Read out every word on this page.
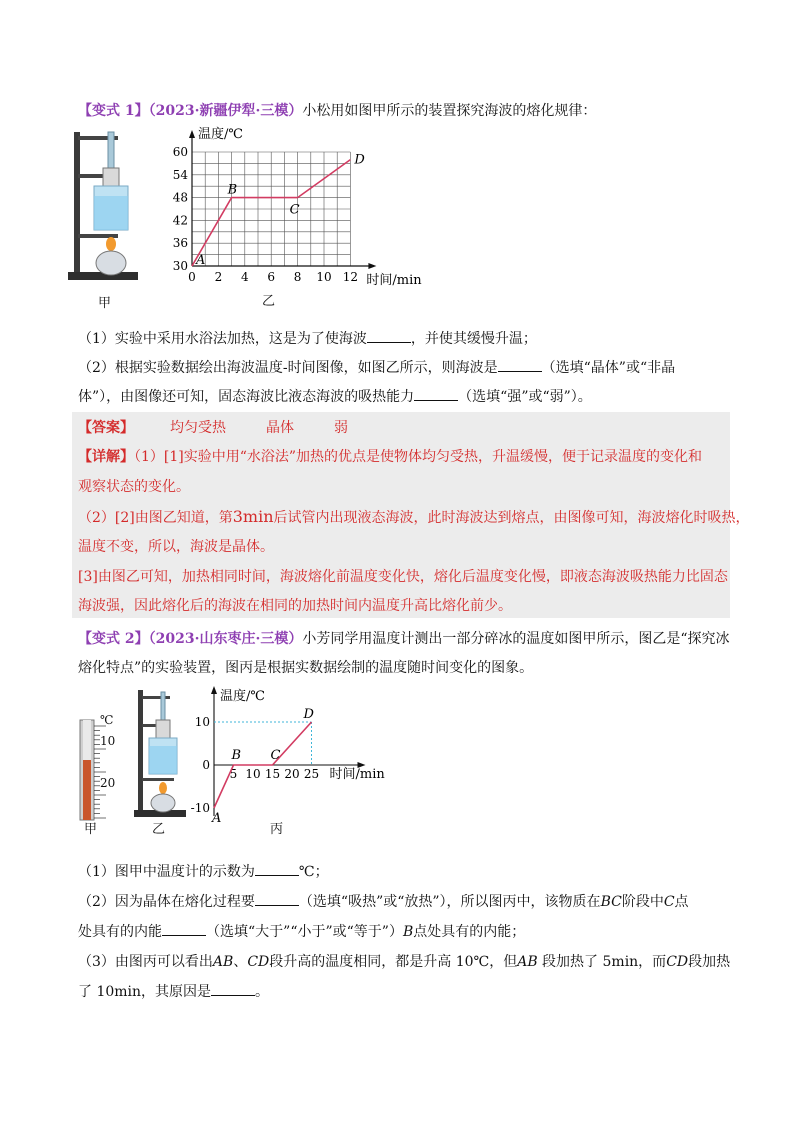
【变式 1】（2023·新疆伊犁·三模）小松用如图甲所示的装置探究海波的熔化规律：
甲
温度/℃
时间/min
30
36
42
48
54
60
0 2 4 6 8 10 12
A
B
C
D
乙
（1）实验中采用水浴法加热，这是为了使海波	，并使其缓慢升温；
（2）根据实验数据绘出海波温度-时间图像，如图乙所示，则海波是	（选填“晶体”或“非晶
体”），由图像还可知，固态海波比液态海波的吸热能力	（选填“强”或“弱”）。
【答案】	均匀受热	晶体	弱
【详解】（1）[1]实验中用“水浴法”加热的优点是使物体均匀受热，升温缓慢，便于记录温度的变化和
观察状态的变化。
（2）[2]由图乙知道，第3min后试管内出现液态海波，此时海波达到熔点，由图像可知，海波熔化时吸热，
温度不变，所以，海波是晶体。
[3]由图乙可知，加热相同时间，海波熔化前温度变化快，熔化后温度变化慢，即液态海波吸热能力比固态
海波强，因此熔化后的海波在相同的加热时间内温度升高比熔化前少。
【变式 2】（2023·山东枣庄·三模）小芳同学用温度计测出一部分碎冰的温度如图甲所示，图乙是“探究冰
熔化特点”的实验装置，图丙是根据实数据绘制的温度随时间变化的图象。
℃
10
20
甲	乙
温度/℃
时间/min
10
0
-10
5 10 15 20 25
A
B C
D
丙
（1）图甲中温度计的示数为	℃；
（2）因为晶体在熔化过程要	（选填“吸热”或“放热”），所以图丙中，该物质在BC阶段中C点
处具有的内能	（选填“大于”“小于”或“等于”）B点处具有的内能；
（3）由图丙可以看出AB、CD段升高的温度相同，都是升高 10℃，但AB 段加热了 5min，而CD段加热
了 10min，其原因是	。
